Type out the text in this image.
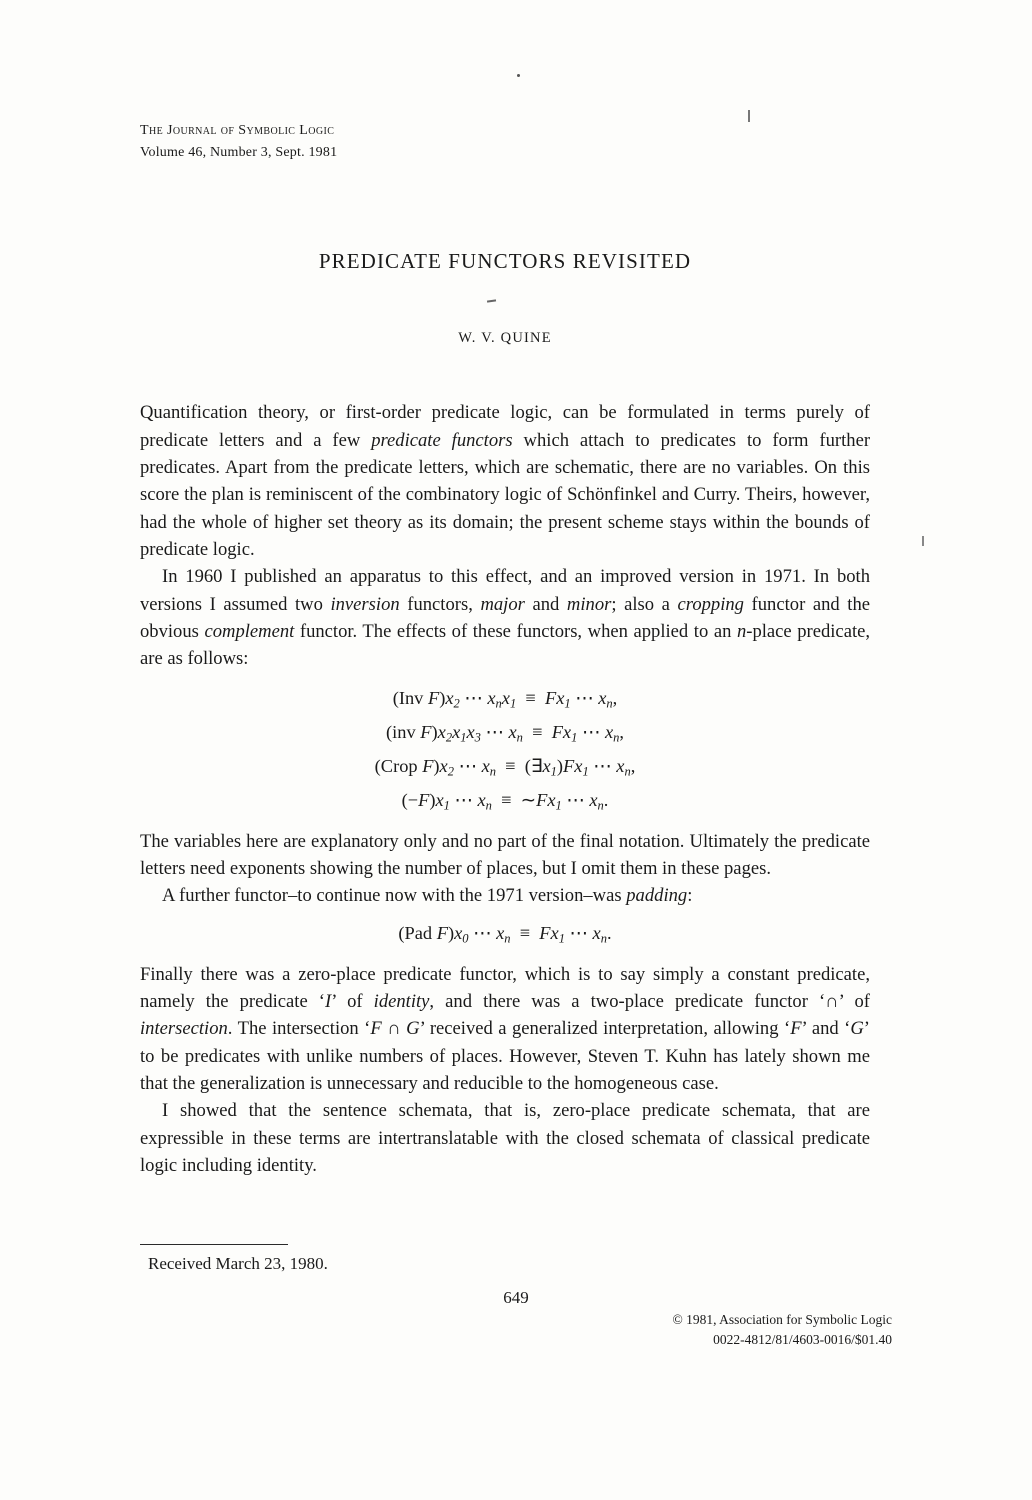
The Journal of Symbolic Logic
Volume 46, Number 3, Sept. 1981
PREDICATE FUNCTORS REVISITED
W. V. QUINE

Quantification theory, or first-order predicate logic, can be formulated in terms purely of predicate letters and a few predicate functors which attach to predicates to form further predicates. Apart from the predicate letters, which are schematic, there are no variables. On this score the plan is reminiscent of the combinatory logic of Schönfinkel and Curry. Theirs, however, had the whole of higher set theory as its domain; the present scheme stays within the bounds of predicate logic.

In 1960 I published an apparatus to this effect, and an improved version in 1971. In both versions I assumed two inversion functors, major and minor; also a cropping functor and the obvious complement functor. The effects of these functors, when applied to an n-place predicate, are as follows:

(Inv $F)x_2$ ⋯ $x_nx_1 \equiv Fx_1$ ⋯ $x_n$,
(inv $F)x_2x_1x_3$ ⋯ $x_n \equiv Fx_1$ ⋯ $x_n$,
(Crop $F)x_2$ ⋯ $x_n$  ≡  $(\exists x_1)Fx_1$ ⋯ $x_n$,
$(-F)x_1$ ⋯ $x_n$  ≡  $\sim Fx_1$ ⋯ $x_n$.

The variables here are explanatory only and no part of the final notation. Ultimately the predicate letters need exponents showing the number of places, but I omit them in these pages.

A further functor–to continue now with the 1971 version–was padding:

(Pad $F)x_0$ ⋯ $x_n \equiv Fx_1$ ⋯ $x_n$.

Finally there was a zero-place predicate functor, which is to say simply a constant predicate, namely the predicate ‘I’ of identity, and there was a two-place predicate functor ‘∩’ of intersection. The intersection ‘F ∩ G’ received a generalized interpretation, allowing ‘F’ and ‘G’ to be predicates with unlike numbers of places. However, Steven T. Kuhn has lately shown me that the generalization is unnecessary and reducible to the homogeneous case.

I showed that the sentence schemata, that is, zero-place predicate schemata, that are expressible in these terms are intertranslatable with the closed schemata of classical predicate logic including identity.

Received March 23, 1980.
649
© 1981, Association for Symbolic Logic
0022-4812/81/4603-0016/$01.40
